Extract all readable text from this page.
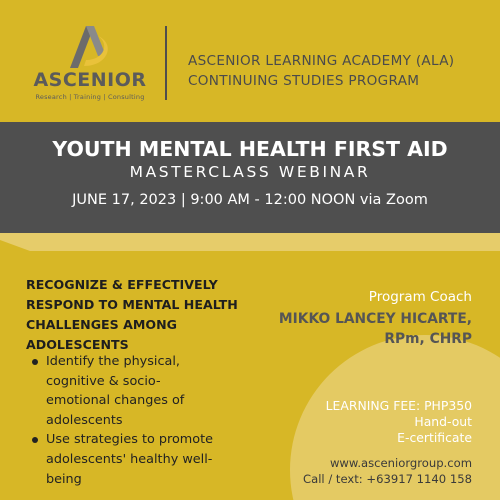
ASCENIOR
Research | Training | Consulting
ASCENIOR LEARNING ACADEMY (ALA)
CONTINUING STUDIES PROGRAM
YOUTH MENTAL HEALTH FIRST AID
MASTERCLASS WEBINAR
JUNE 17, 2023 | 9:00 AM - 12:00 NOON via Zoom
RECOGNIZE & EFFECTIVELY
RESPOND TO MENTAL HEALTH
CHALLENGES AMONG
ADOLESCENTS
Identify the physical,
cognitive & socio-
emotional changes of
adolescents
Use strategies to promote
adolescents' healthy well-
being
Program Coach
MIKKO LANCEY HICARTE,
RPm, CHRP
LEARNING FEE: PHP350
Hand-out
E-certificate
www.asceniorgroup.com
Call / text: +63917 1140 158
